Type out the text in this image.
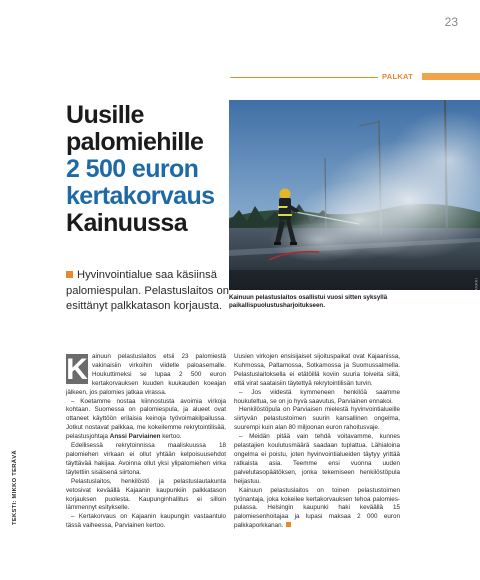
23
PALKAT
Uusille
palomiehille
2 500 euron
kertakorvaus
Kainuussa
Hyvinvointialue saa käsiinsä palomiespulan. Pelastuslaitos on esittänyt palkkatason korjausta.	KUVA: KAINUUN PELASTUSLAITOKSEN KUVAPANKKI
Kainuun pelastuslaitos osallistui vuosi sitten syksyllä paikallispuolustusharjoitukseen.
TEKSTI: MIKKO TERÄVÄ

K ainuun pelastuslaitos etsii 23 palomiestä vakinaisiin virkoihin viidelle paloasemalle. Houkuttimeksi se lupaa 2 500 euron kertakorvauksen kuuden kuukauden koeajan jälkeen, jos palomies jatkaa virassa.

– Koetamme nostaa kiinnostusta avoimia virkoja kohtaan. Suomessa on palomiespula, ja alueet ovat ottaneet käyttöön erilaisia keinoja työvoimakilpailussa. Jotkut nostavat palkkaa, me kokeilemme rekrytointilisää, pelastusjohtaja Anssi Parviainen kertoo.

Edellisessä rekrytoinnissa maaliskuussa 18 palomiehen virkaan ei ollut yhtään kelpoisuusehdot täyttävää hakijaa. Avoinna ollut yksi ylipalomiehen virka täytettiin sisäisenä siirtona.

Pelastuslaitos, henkilöstö ja pelastuslautakunta vetosivat keväällä Kajaanin kaupunkiin palkkatason korjauksen puolesta. Kaupunginhallitus ei silloin lämmennyt esitykselle.

– Kertakorvaus on Kajaanin kaupungin vastaantulo tässä vaiheessa, Parviainen kertoo.

Uusien virkojen ensisijaiset sijoituspaikat ovat Kajaanissa, Kuhmossa, Paltamossa, Sotkamossa ja Suomussalmella. Pelastuslaitoksella ei etätöillä koviin suuria toiveita siitä, että virat saataisiin täytettyä rekrytointilisän turvin.

– Jos viidestä kymmeneen henkilöä saamme houkuteltua, se on jo hyvä saavutus, Parviainen ennakoi.

Henkilöstöpula on Parviaisen mielestä hyvinvointialueille siirtyvän pelastustoimen suurin kansallinen ongelma, suurempi kuin alan 80 miljoonan euron rahoitusvaje.

– Meidän pitää vain tehdä voitavamme, kunnes pelastajien koulutusmäärä saadaan tuplattua. Lähialoina ongelma ei poistu, joten hyvinvointialueiden täytyy yrittää ratkaista asia. Teemme ensi vuonna uuden palvelutasopäätöksen, jonka tekemiseen henkilöstöpula heijastuu.

Kainuun pelastuslaitos on toinen pelastustoimen työnantaja, joka kokeilee kertakorvauksen tehoa palomies-pulassa. Helsingin kaupunki haki keväällä 15 palomiesenhoitajaa ja lupasi maksaa 2 000 euron palkkaporkkanan.
